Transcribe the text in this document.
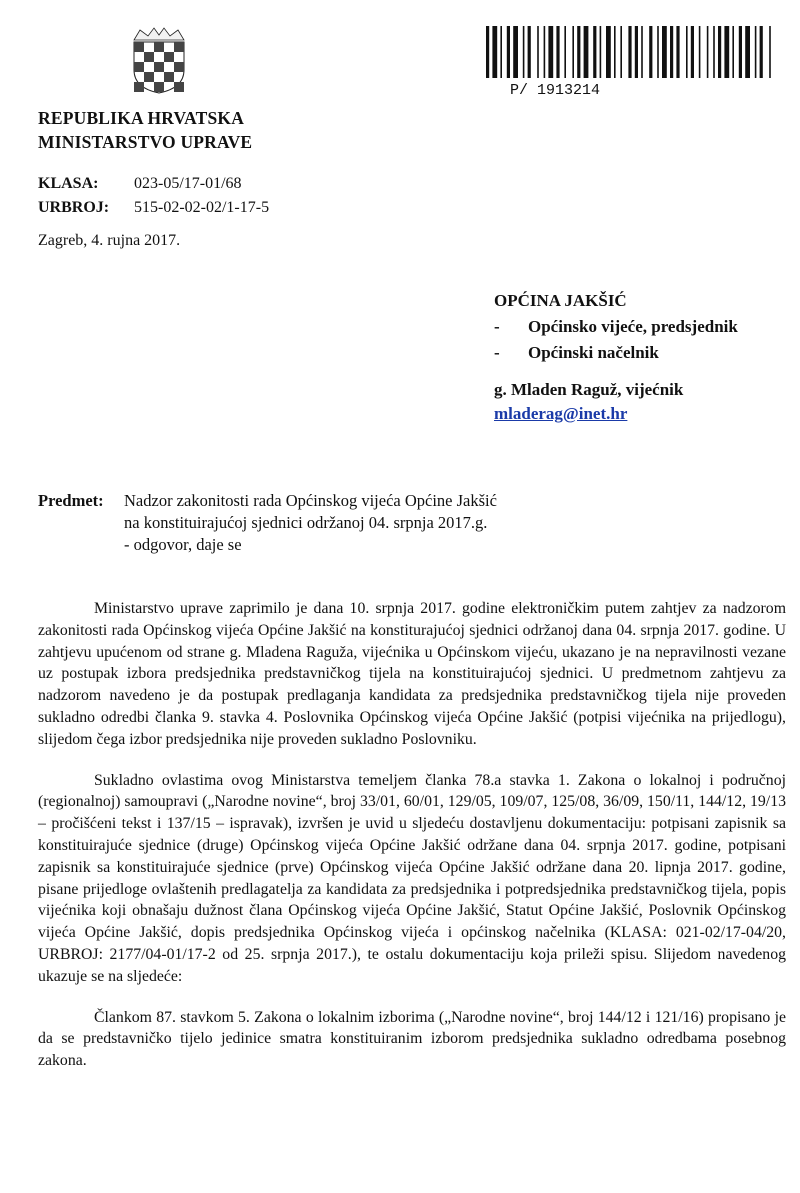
P/ 1913214
REPUBLIKA HRVATSKA
MINISTARSTVO UPRAVE
KLASA: 023-05/17-01/68
URBROJ: 515-02-02-02/1-17-5
Zagreb, 4. rujna 2017.
OPĆINA JAKŠIĆ
- Općinsko vijeće, predsjednik
- Općinski načelnik
g. Mladen Raguž, vijećnik
mladerag@inet.hr
Predmet: Nadzor zakonitosti rada Općinskog vijeća Općine Jakšić
na konstituirajućoj sjednici održanoj 04. srpnja 2017.g.
- odgovor, daje se

Ministarstvo uprave zaprimilo je dana 10. srpnja 2017. godine elektroničkim putem zahtjev za nadzorom zakonitosti rada Općinskog vijeća Općine Jakšić na konstiturajućoj sjednici održanoj dana 04. srpnja 2017. godine. U zahtjevu upućenom od strane g. Mladena Raguža, vijećnika u Općinskom vijeću, ukazano je na nepravilnosti vezane uz postupak izbora predsjednika predstavničkog tijela na konstituirajućoj sjednici. U predmetnom zahtjevu za nadzorom navedeno je da postupak predlaganja kandidata za predsjednika predstavničkog tijela nije proveden sukladno odredbi članka 9. stavka 4. Poslovnika Općinskog vijeća Općine Jakšić (potpisi vijećnika na prijedlogu), slijedom čega izbor predsjednika nije proveden sukladno Poslovniku.

Sukladno ovlastima ovog Ministarstva temeljem članka 78.a stavka 1. Zakona o lokalnoj i područnoj (regionalnoj) samoupravi („Narodne novine“, broj 33/01, 60/01, 129/05, 109/07, 125/08, 36/09, 150/11, 144/12, 19/13 – pročišćeni tekst i 137/15 – ispravak), izvršen je uvid u sljedeću dostavljenu dokumentaciju: potpisani zapisnik sa konstituirajuće sjednice (druge) Općinskog vijeća Općine Jakšić održane dana 04. srpnja 2017. godine, potpisani zapisnik sa konstituirajuće sjednice (prve) Općinskog vijeća Općine Jakšić održane dana 20. lipnja 2017. godine, pisane prijedloge ovlaštenih predlagatelja za kandidata za predsjednika i potpredsjednika predstavničkog tijela, popis vijećnika koji obnašaju dužnost člana Općinskog vijeća Općine Jakšić, Statut Općine Jakšić, Poslovnik Općinskog vijeća Općine Jakšić, dopis predsjednika Općinskog vijeća i općinskog načelnika (KLASA: 021-02/17-04/20, URBROJ: 2177/04-01/17-2 od 25. srpnja 2017.), te ostalu dokumentaciju koja prileži spisu. Slijedom navedenog ukazuje se na sljedeće:

Člankom 87. stavkom 5. Zakona o lokalnim izborima („Narodne novine“, broj 144/12 i 121/16) propisano je da se predstavničko tijelo jedinice smatra konstituiranim izborom predsjednika sukladno odredbama posebnog zakona.
